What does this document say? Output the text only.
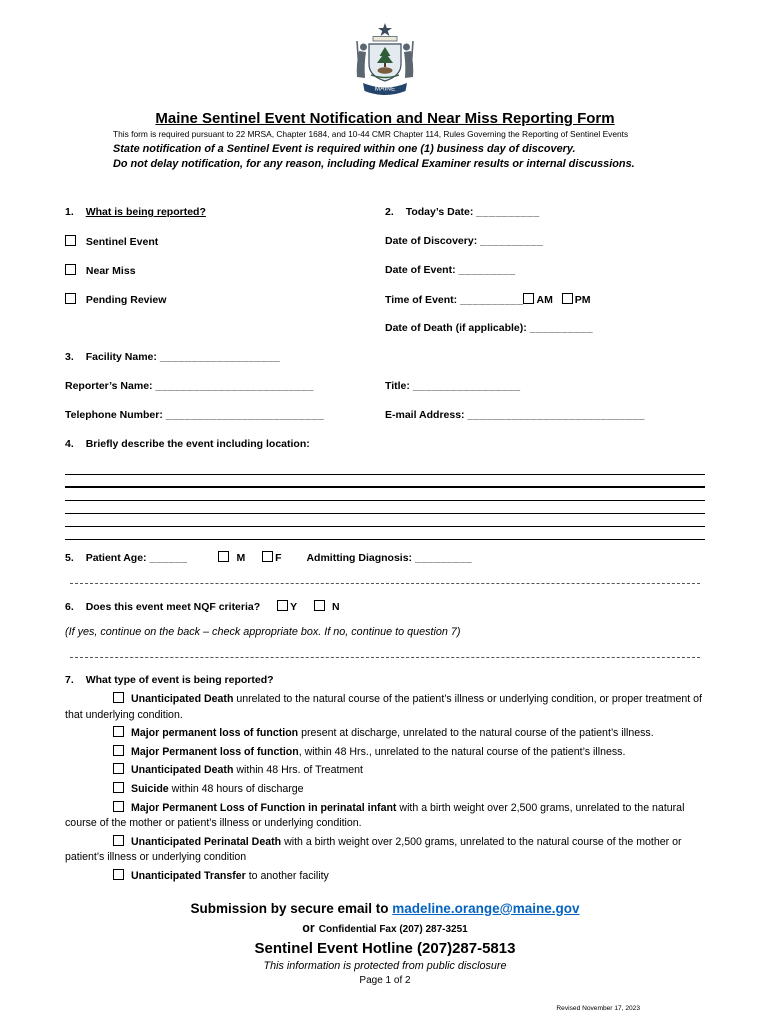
MAINE
Maine Sentinel Event Notification and Near Miss Reporting Form
This form is required pursuant to 22 MRSA, Chapter 1684, and 10-44 CMR Chapter 114, Rules Governing the Reporting of Sentinel Events
State notification of a Sentinel Event is required within one (1) business day of discovery.
Do not delay notification, for any reason, including Medical Examiner results or internal discussions.
1. What is being reported?
Sentinel Event
Near Miss
Pending Review
2. Today’s Date: __________
Date of Discovery: __________
Date of Event: _________
Time of Event: __________ AM PM
Date of Death (if applicable): __________
3. Facility Name: ___________________
Reporter’s Name: _________________________	Title: _________________
Telephone Number: _________________________	E-mail Address: ____________________________
4. Briefly describe the event including location:
5. Patient Age: ______	M	F Admitting Diagnosis: _________
6. Does this event meet NQF criteria?	Y	N
(If yes, continue on the back – check appropriate box. If no, continue to question 7)
7. What type of event is being reported?

Unanticipated Death unrelated to the natural course of the patient’s illness or underlying condition, or proper treatment of that underlying condition.

Major permanent loss of function present at discharge, unrelated to the natural course of the patient’s illness.

Major Permanent loss of function, within 48 Hrs., unrelated to the natural course of the patient’s illness.

Unanticipated Death within 48 Hrs. of Treatment

Suicide within 48 hours of discharge

Major Permanent Loss of Function in perinatal infant with a birth weight over 2,500 grams, unrelated to the natural course of the mother or patient’s illness or underlying condition.

Unanticipated Perinatal Death with a birth weight over 2,500 grams, unrelated to the natural course of the mother or patient’s illness or underlying condition

Unanticipated Transfer to another facility

Submission by secure email to madeline.orange@maine.gov
or Confidential Fax (207) 287-3251
Sentinel Event Hotline (207)287-5813
This information is protected from public disclosure
Page 1 of 2
Revised November 17, 2023
